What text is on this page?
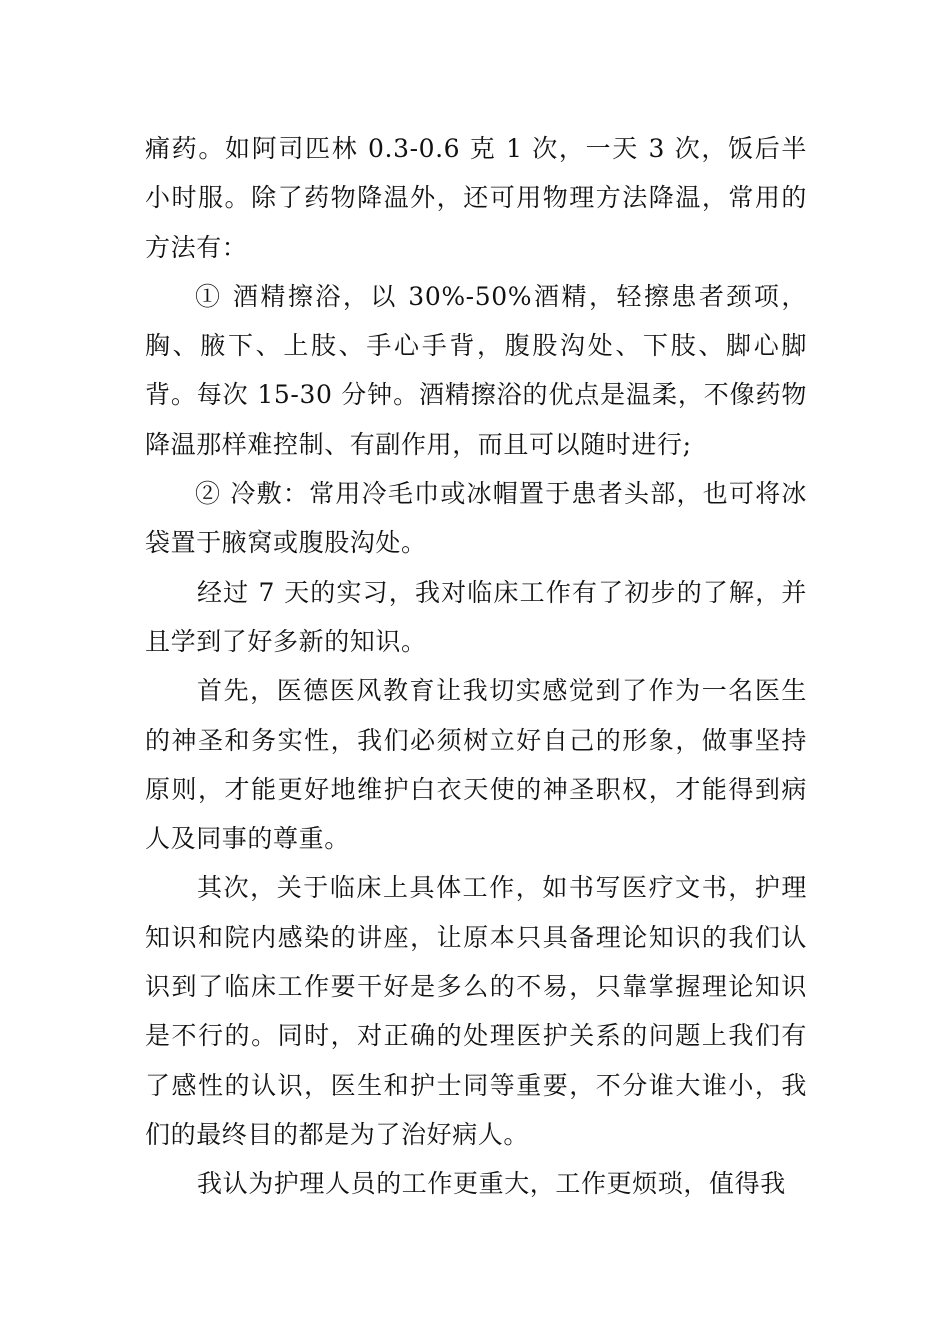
痛药。如阿司匹林 0.3-0.6 克 1 次，一天 3 次，饭后半小时服。除了药物降温外，还可用物理方法降温，常用的方法有：

① 酒精擦浴，以 30%-50%酒精，轻擦患者颈项，胸、腋下、上肢、手心手背，腹股沟处、下肢、脚心脚背。每次 15-30 分钟。酒精擦浴的优点是温柔，不像药物降温那样难控制、有副作用，而且可以随时进行;

② 冷敷：常用冷毛巾或冰帽置于患者头部，也可将冰袋置于腋窝或腹股沟处。

经过 7 天的实习，我对临床工作有了初步的了解，并且学到了好多新的知识。

首先，医德医风教育让我切实感觉到了作为一名医生的神圣和务实性，我们必须树立好自己的形象，做事坚持原则，才能更好地维护白衣天使的神圣职权，才能得到病人及同事的尊重。

其次，关于临床上具体工作，如书写医疗文书，护理知识和院内感染的讲座，让原本只具备理论知识的我们认识到了临床工作要干好是多么的不易，只靠掌握理论知识是不行的。同时，对正确的处理医护关系的问题上我们有了感性的认识，医生和护士同等重要，不分谁大谁小，我们的最终目的都是为了治好病人。

我认为护理人员的工作更重大，工作更烦琐，值得我
